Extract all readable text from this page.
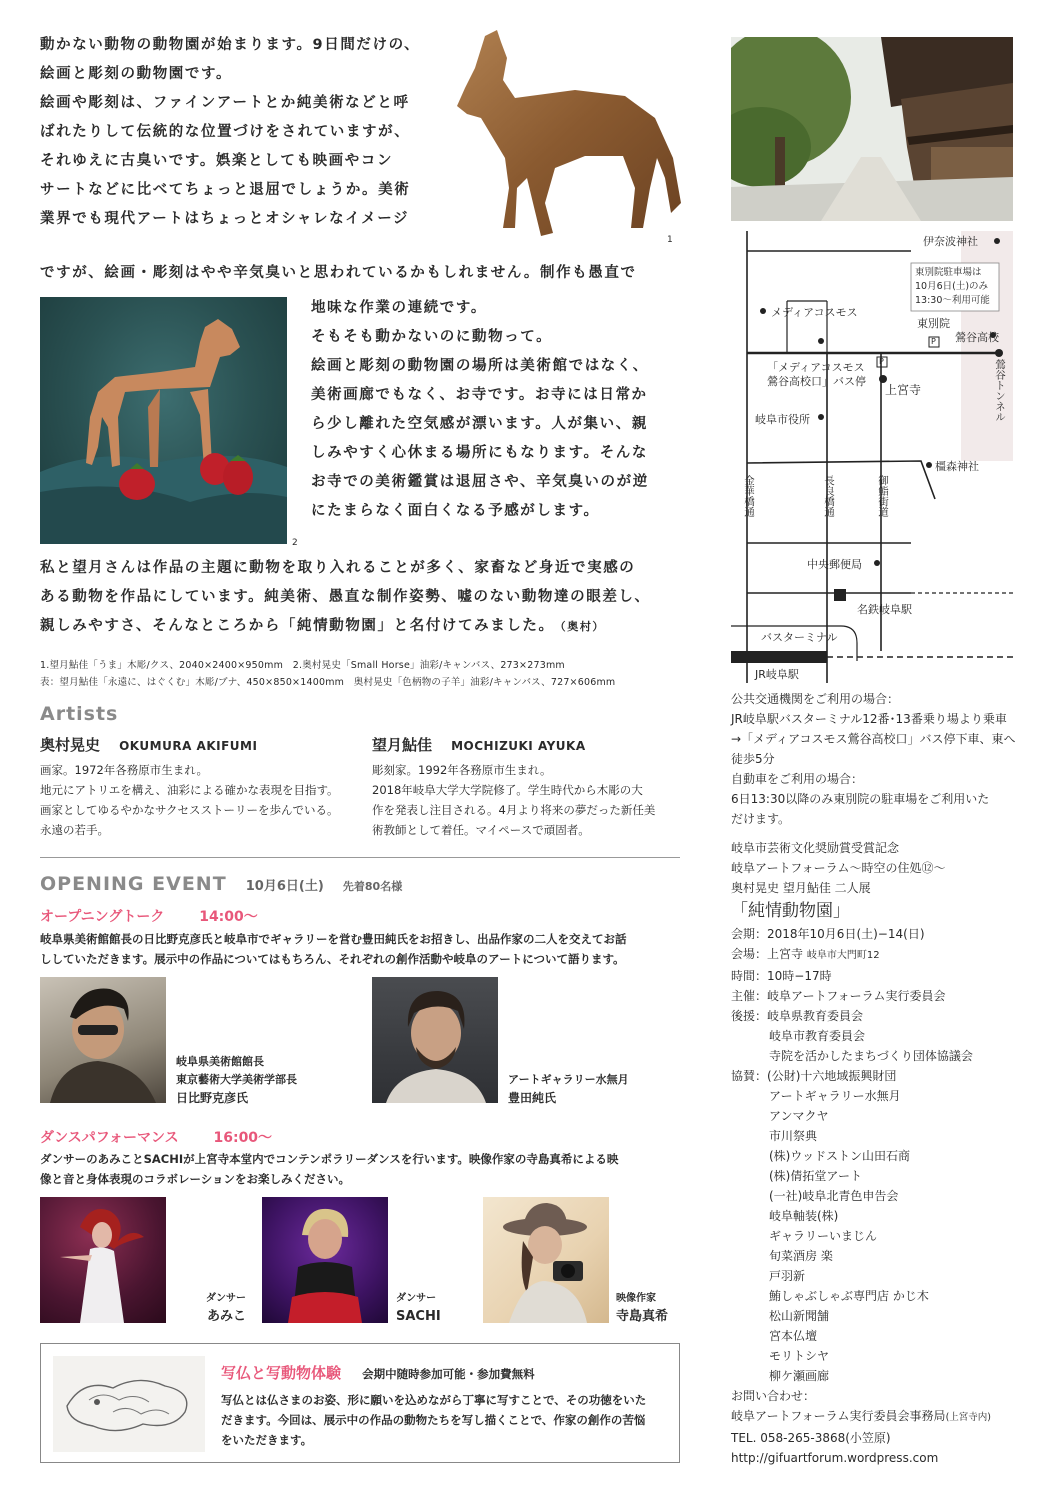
動かない動物の動物園が始まります。9日間だけの、
絵画と彫刻の動物園です。
絵画や彫刻は、ファインアートとか純美術などと呼
ばれたりして伝統的な位置づけをされていますが、
それゆえに古臭いです。娯楽としても映画やコン
サートなどに比べてちょっと退屈でしょうか。美術
業界でも現代アートはちょっとオシャレなイメージ
ですが、絵画・彫刻はやや辛気臭いと思われているかもしれません。制作も愚直で
1
2
地味な作業の連続です。
そもそも動かないのに動物って。
絵画と彫刻の動物園の場所は美術館ではなく、
美術画廊でもなく、お寺です。お寺には日常か
ら少し離れた空気感が漂います。人が集い、親
しみやすく心休まる場所にもなります。そんな
お寺での美術鑑賞は退屈さや、辛気臭いのが逆
にたまらなく面白くなる予感がします。
私と望月さんは作品の主題に動物を取り入れることが多く、家畜など身近で実感の
ある動物を作品にしています。純美術、愚直な制作姿勢、嘘のない動物達の眼差し、
親しみやすさ、そんなところから「純情動物園」と名付けてみました。（奥村）
1.望月鮎佳「うま」木彫/クス、2040×2400×950mm　2.奥村晃史「Small Horse」油彩/キャンバス、273×273mm
表：望月鮎佳「永遠に、はぐくむ」木彫/ブナ、450×850×1400mm　奥村晃史「色柄物の子羊」油彩/キャンバス、727×606mm
Artists
奥村晃史 OKUMURA AKIFUMI
画家。1972年各務原市生まれ。
地元にアトリエを構え、油彩による確かな表現を目指す。
画家としてゆるやかなサクセスストーリーを歩んでいる。
永遠の若手。
望月鮎佳 MOCHIZUKI AYUKA
彫刻家。1992年各務原市生まれ。
2018年岐阜大学大学院修了。学生時代から木彫の大
作を発表し注目される。4月より将来の夢だった新任美
術教師として着任。マイペースで頑固者。
OPENING EVENT 10月6日(土) 先着80名様
オープニングトーク 14:00〜
岐阜県美術館館長の日比野克彦氏と岐阜市でギャラリーを営む豊田純氏をお招きし、出品作家の二人を交えてお話
ししていただきます。展示中の作品についてはもちろん、それぞれの創作活動や岐阜のアートについて語ります。
岐阜県美術館館長
東京藝術大学美術学部長
日比野克彦氏
アートギャラリー水無月
豊田純氏
ダンスパフォーマンス 16:00〜
ダンサーのあみことSACHIが上宮寺本堂内でコンテンポラリーダンスを行います。映像作家の寺島真希による映
像と音と身体表現のコラボレーションをお楽しみください。
ダンサー
あみこ
ダンサー
SACHI
映像作家
寺島真希
写仏と写動物体験 会期中随時参加可能・参加費無料
写仏とは仏さまのお姿、形に願いを込めながら丁寧に写すことで、その功徳をいた
だきます。今回は、展示中の作品の動物たちを写し描くことで、作家の創作の苦悩
をいただきます。
伊奈波神社
東別院駐車場は
10月6日(土)のみ
13:30〜利用可能
メディアコスモス
東別院
鶯谷高校
P
P
「メディアコスモス
鶯谷高校口」バス停
上宮寺	鶯谷トンネル
岐阜市役所
橿森神社
金華橋通	長良橋通	御鮨街道
中央郵便局
名鉄岐阜駅
バスターミナル
JR岐阜駅
公共交通機関をご利用の場合：
JR岐阜駅バスターミナル12番･13番乗り場より乗車
→「メディアコスモス鶯谷高校口」バス停下車、東へ
徒歩5分
自動車をご利用の場合：
6日13:30以降のみ東別院の駐車場をご利用いた
だけます。
岐阜市芸術文化奨励賞受賞記念
岐阜アートフォーラム〜時空の住処⑫〜
奥村晃史 望月鮎佳 二人展
「純情動物園」
会期：2018年10月6日(土)−14(日)
会場：上宮寺 岐阜市大門町12
時間：10時−17時
主催：岐阜アートフォーラム実行委員会
後援：岐阜県教育委員会
岐阜市教育委員会
寺院を活かしたまちづくり団体協議会
協賛：(公財)十六地域振興財団
アートギャラリー水無月
アンマクヤ
市川祭典
(株)ウッドストン山田石商
(株)倩拓堂アート
(一社)岐阜北青色申告会
岐阜軸装(株)
ギャラリーいまじん
旬菜酒房 楽
戸羽新
鮪しゃぶしゃぶ専門店 かじ木
松山新聞舗
宮本仏壇
モリトシヤ
柳ケ瀬画廊
お問い合わせ：
岐阜アートフォーラム実行委員会事務局(上宮寺内)
TEL. 058-265-3868(小笠原)
http://gifuartforum.wordpress.com
